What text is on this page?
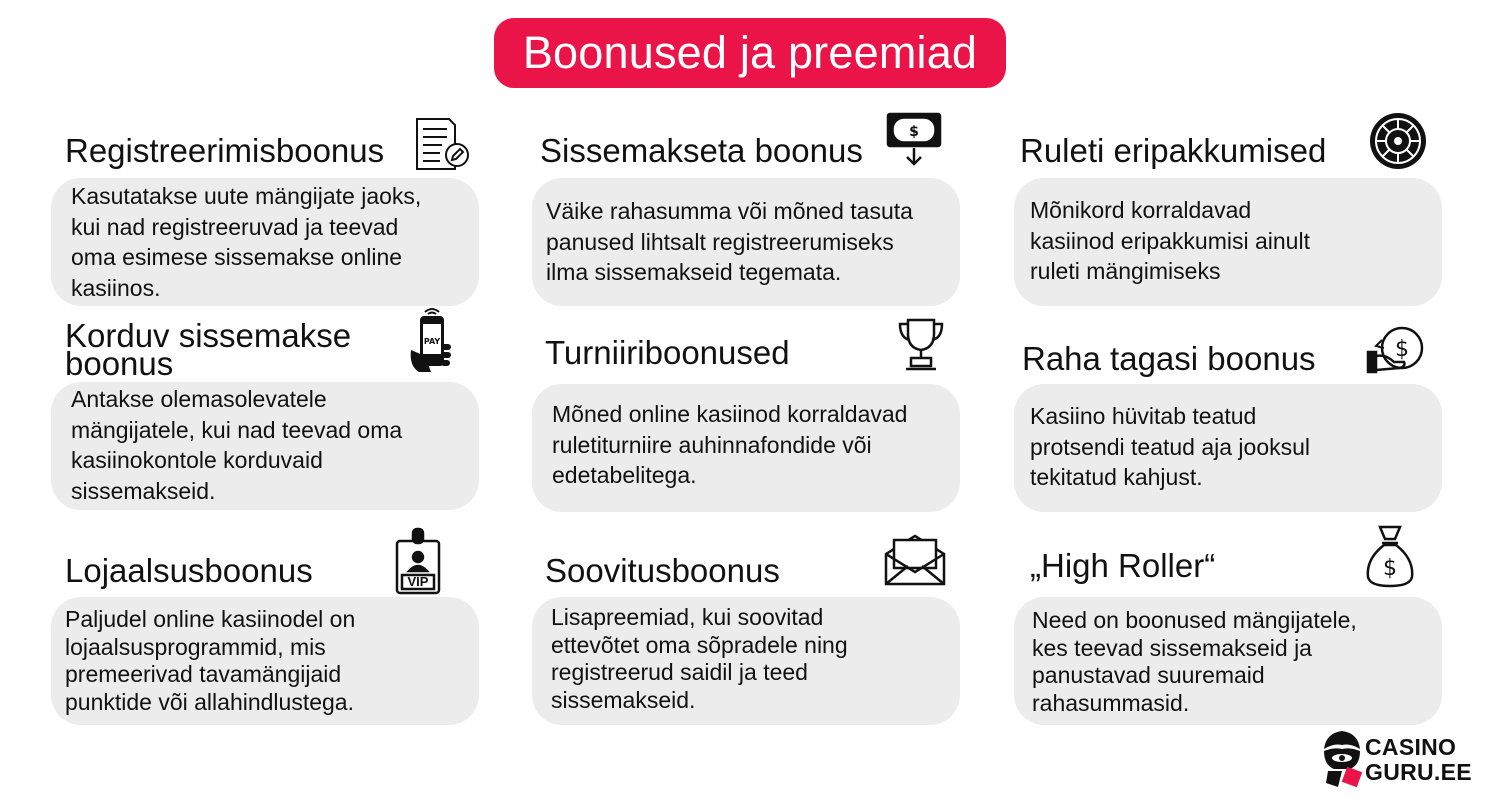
Boonused ja preemiad
Registreerimisboonus

Kasutatakse uute mängijate jaoks,
kui nad registreeruvad ja teevad
oma esimese sissemakse online
kasiinos.

Sissemakseta boonus	$

Väike rahasumma või mõned tasuta
panused lihtsalt registreerumiseks
ilma sissemakseid tegemata.

Ruleti eripakkumised

Mõnikord korraldavad
kasiinod eripakkumisi ainult
ruleti mängimiseks

Korduv sissemakse
boonus
PAY

Antakse olemasolevatele
mängijatele, kui nad teevad oma
kasiinokontole korduvaid
sissemakseid.

Turniiriboonused

Mõned online kasiinod korraldavad
ruletiturniire auhinnafondide või
edetabelitega.

Raha tagasi boonus	$

Kasiino hüvitab teatud
protsendi teatud aja jooksul
tekitatud kahjust.

Lojaalsusboonus	VIP

Paljudel online kasiinodel on
lojaalsusprogrammid, mis
premeerivad tavamängijaid
punktide või allahindlustega.

Soovitusboonus

Lisapreemiad, kui soovitad
ettevõtet oma sõpradele ning
registreerud saidil ja teed
sissemakseid.

„High Roller“	$

Need on boonused mängijatele,
kes teevad sissemakseid ja
panustavad suuremaid
rahasummasid.

CASINO
GURU.EE
